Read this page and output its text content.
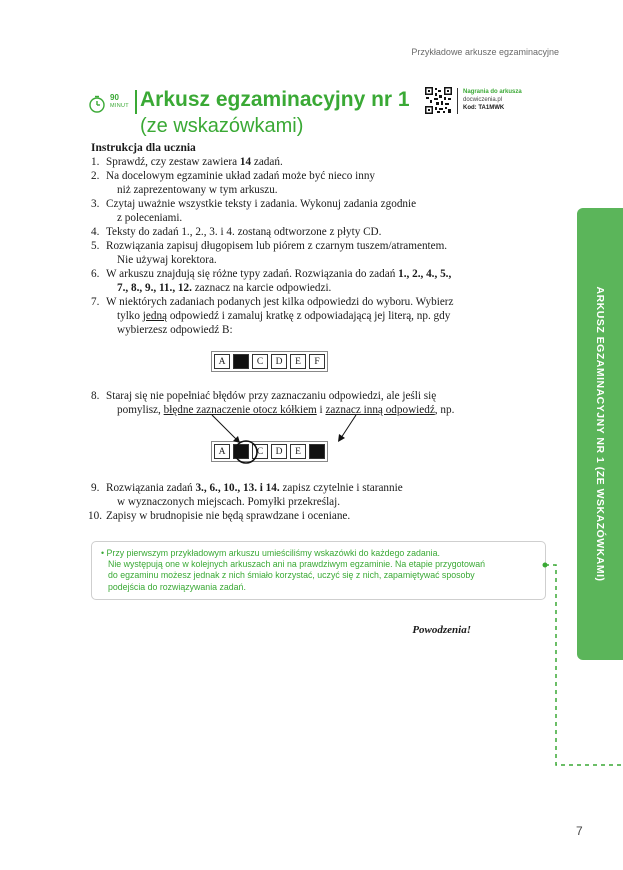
Przykładowe arkusze egzaminacyjne
90
MINUT Arkusz egzaminacyjny nr 1
(ze wskazówkami)
Nagrania do arkusza
docwiczenia.pl
Kod: TA1MWK
Instrukcja dla ucznia
1. Sprawdź, czy zestaw zawiera 14 zadań.
2. Na docelowym egzaminie układ zadań może być nieco inny
niż zaprezentowany w tym arkuszu.
3. Czytaj uważnie wszystkie teksty i zadania. Wykonuj zadania zgodnie
z poleceniami.
4. Teksty do zadań 1., 2., 3. i 4. zostaną odtworzone z płyty CD.
5. Rozwiązania zapisuj długopisem lub piórem z czarnym tuszem/atramentem.
Nie używaj korektora.
6. W arkuszu znajdują się różne typy zadań. Rozwiązania do zadań 1., 2., 4., 5.,
7., 8., 9., 11., 12. zaznacz na karcie odpowiedzi.
7. W niektórych zadaniach podanych jest kilka odpowiedzi do wyboru. Wybierz
tylko jedną odpowiedź i zamaluj kratkę z odpowiadającą jej literą, np. gdy
wybierzesz odpowiedź B:
8. Staraj się nie popełniać błędów przy zaznaczaniu odpowiedzi, ale jeśli się
pomylisz, błędne zaznaczenie otocz kółkiem i zaznacz inną odpowiedź, np.
9. Rozwiązania zadań 3., 6., 10., 13. i 14. zapisz czytelnie i starannie
w wyznaczonych miejscach. Pomyłki przekreślaj.
10. Zapisy w brudnopisie nie będą sprawdzane i oceniane.
A	C	D	E	F
A	C	D	E
• Przy pierwszym przykładowym arkuszu umieściliśmy wskazówki do każdego zadania.
Nie występują one w kolejnych arkuszach ani na prawdziwym egzaminie. Na etapie przygotowań
do egzaminu możesz jednak z nich śmiało korzystać, uczyć się z nich, zapamiętywać sposoby
podejścia do rozwiązywania zadań.
Powodzenia!
ARKUSZ EGZAMINACYJNY NR 1 (ZE WSKAZÓWKAMI)
7
